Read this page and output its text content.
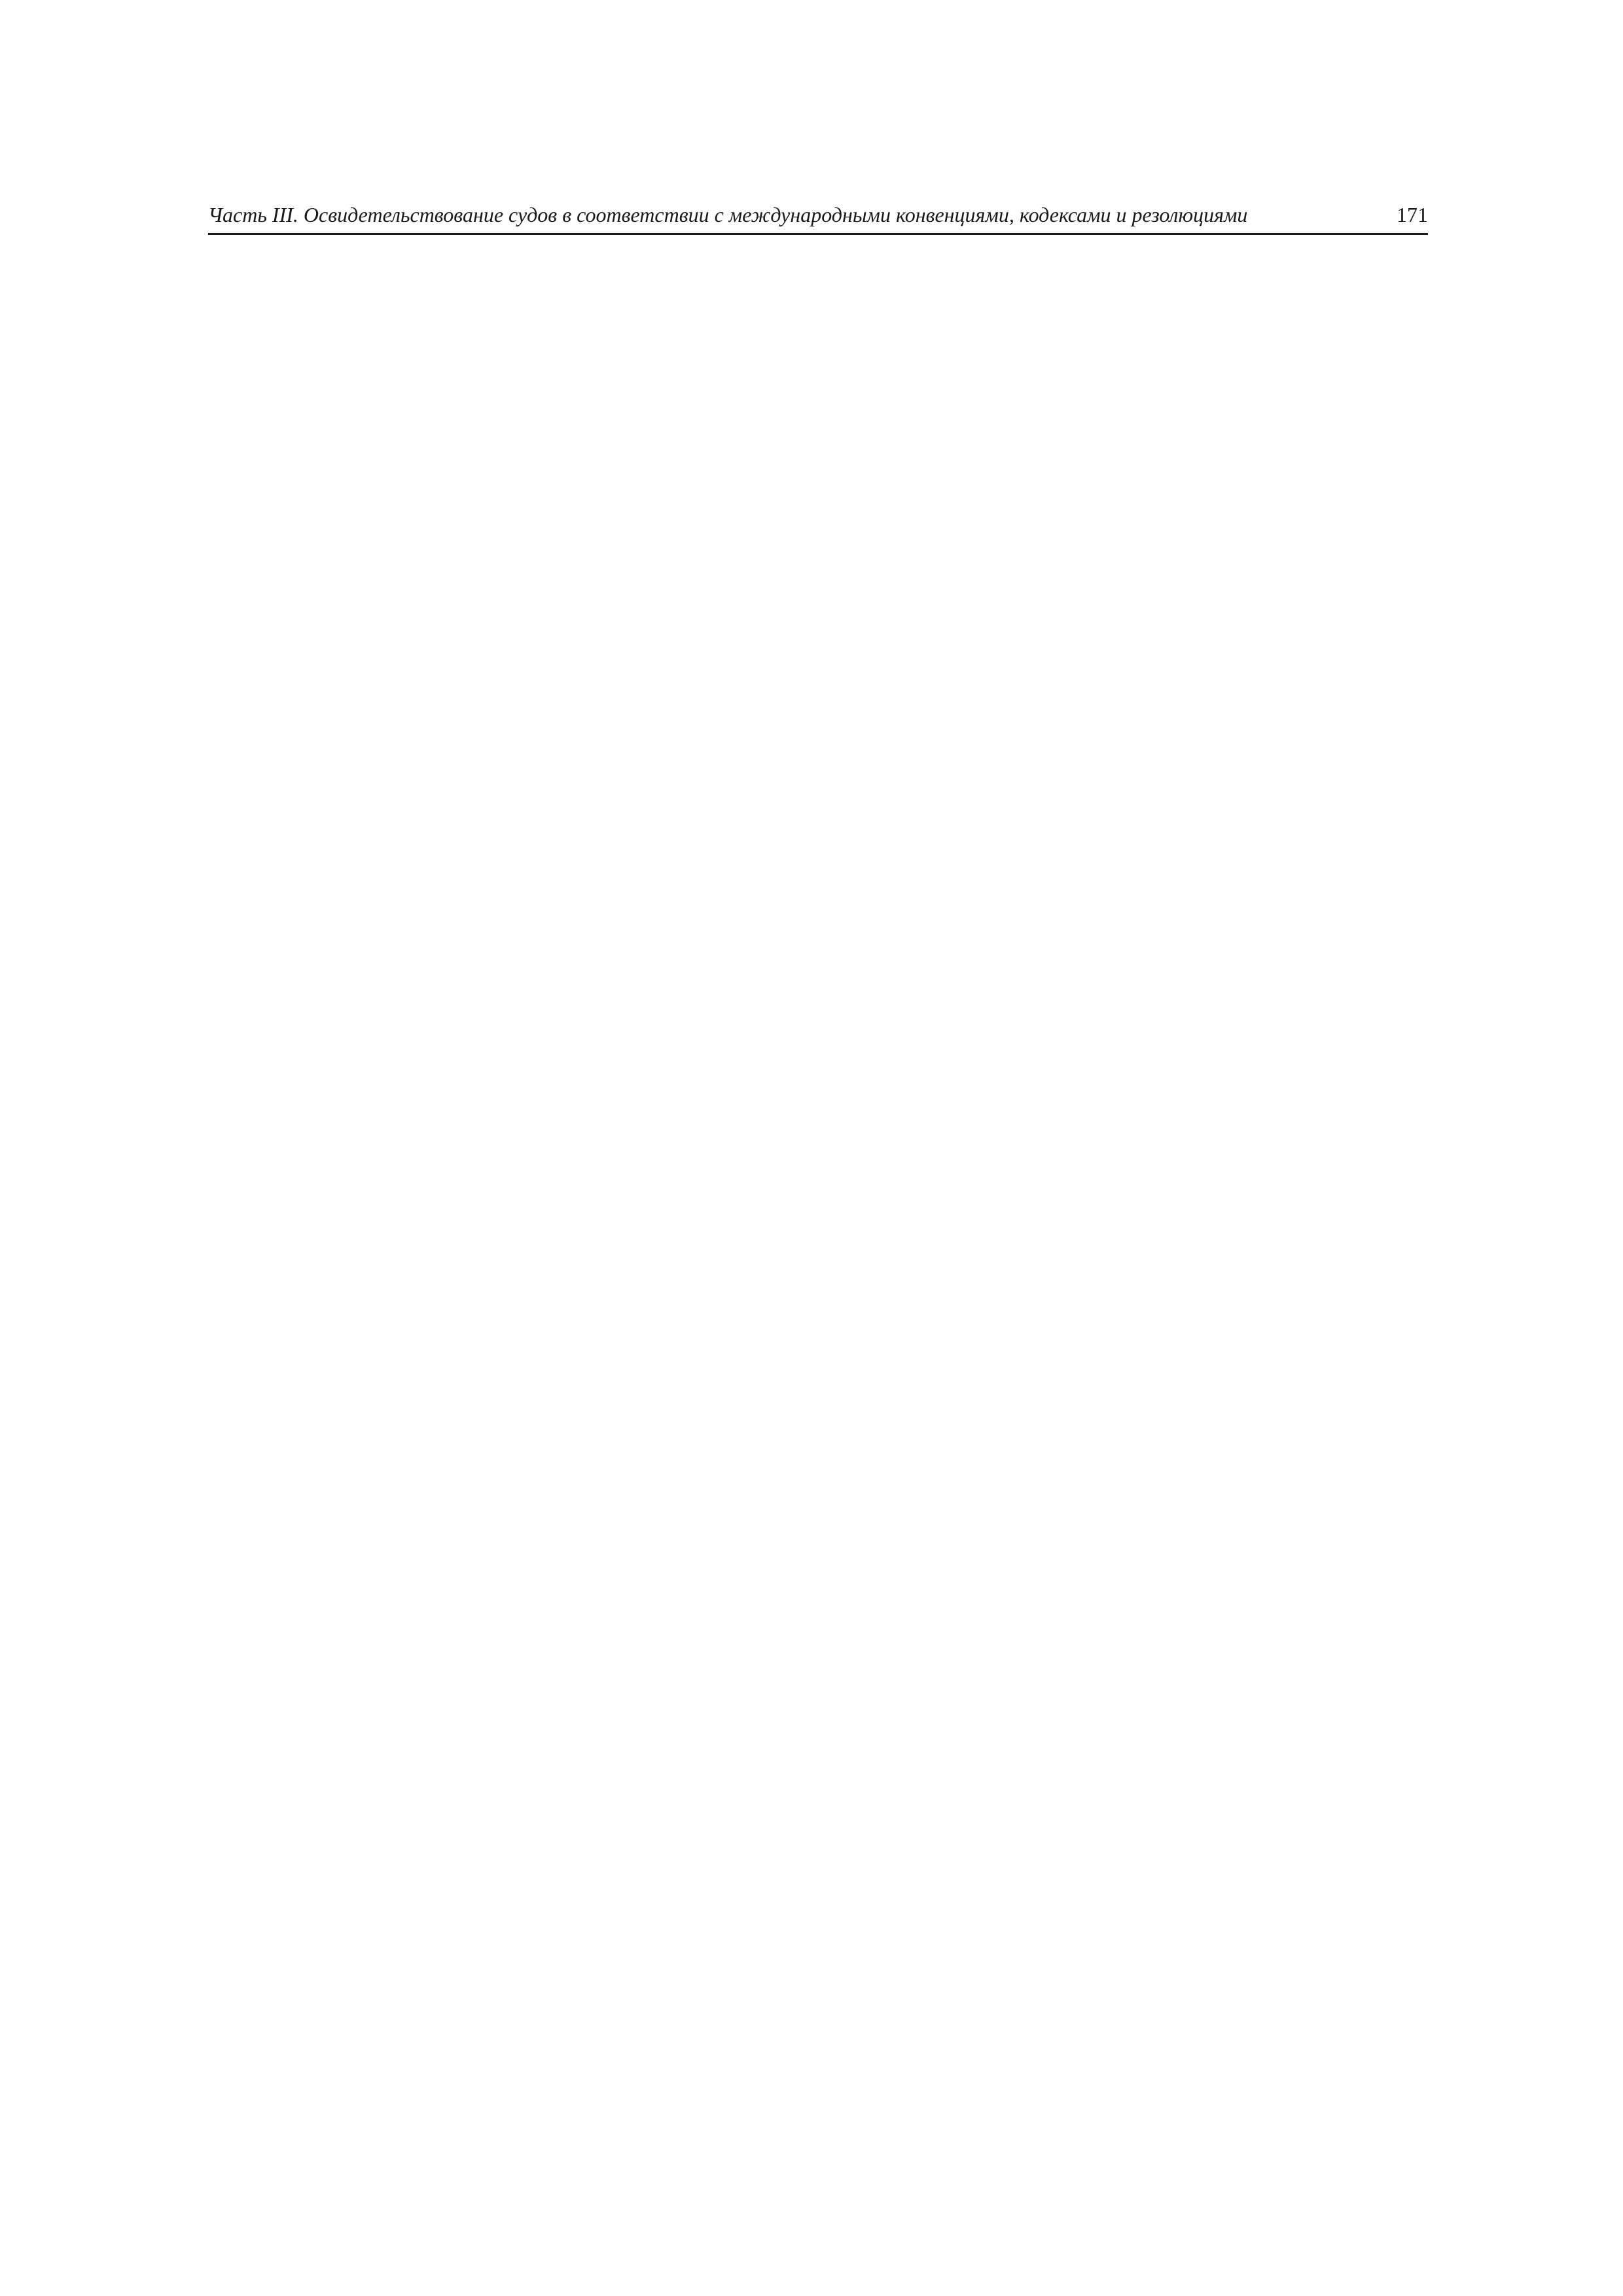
Часть III. Освидетельствование судов в соответствии с международными конвенциями, кодексами и резолюциями	171
